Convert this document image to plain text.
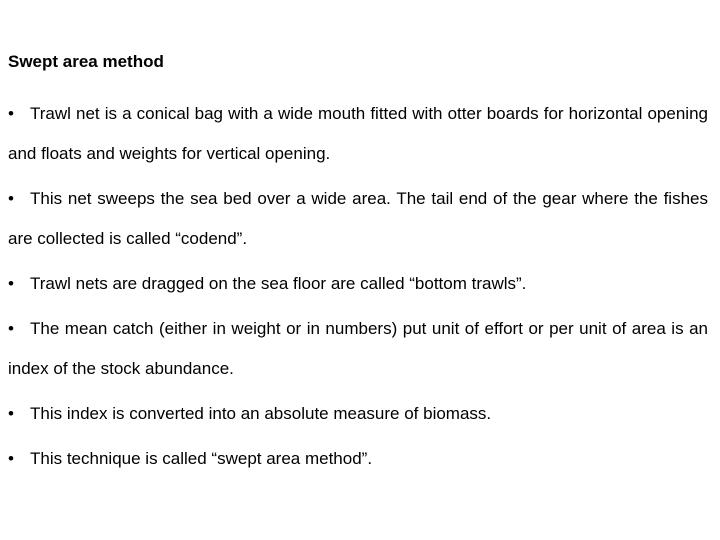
Swept area method
• Trawl net is a conical bag with a wide mouth fitted with otter boards for horizontal opening and floats and weights for vertical opening.
• This net sweeps the sea bed over a wide area. The tail end of the gear where the fishes are collected is called “codend”.
• Trawl nets are dragged on the sea floor are called “bottom trawls”.
• The mean catch (either in weight or in numbers) put unit of effort or per unit of area is an index of the stock abundance.
• This index is converted into an absolute measure of biomass.
• This technique is called “swept area method”.
